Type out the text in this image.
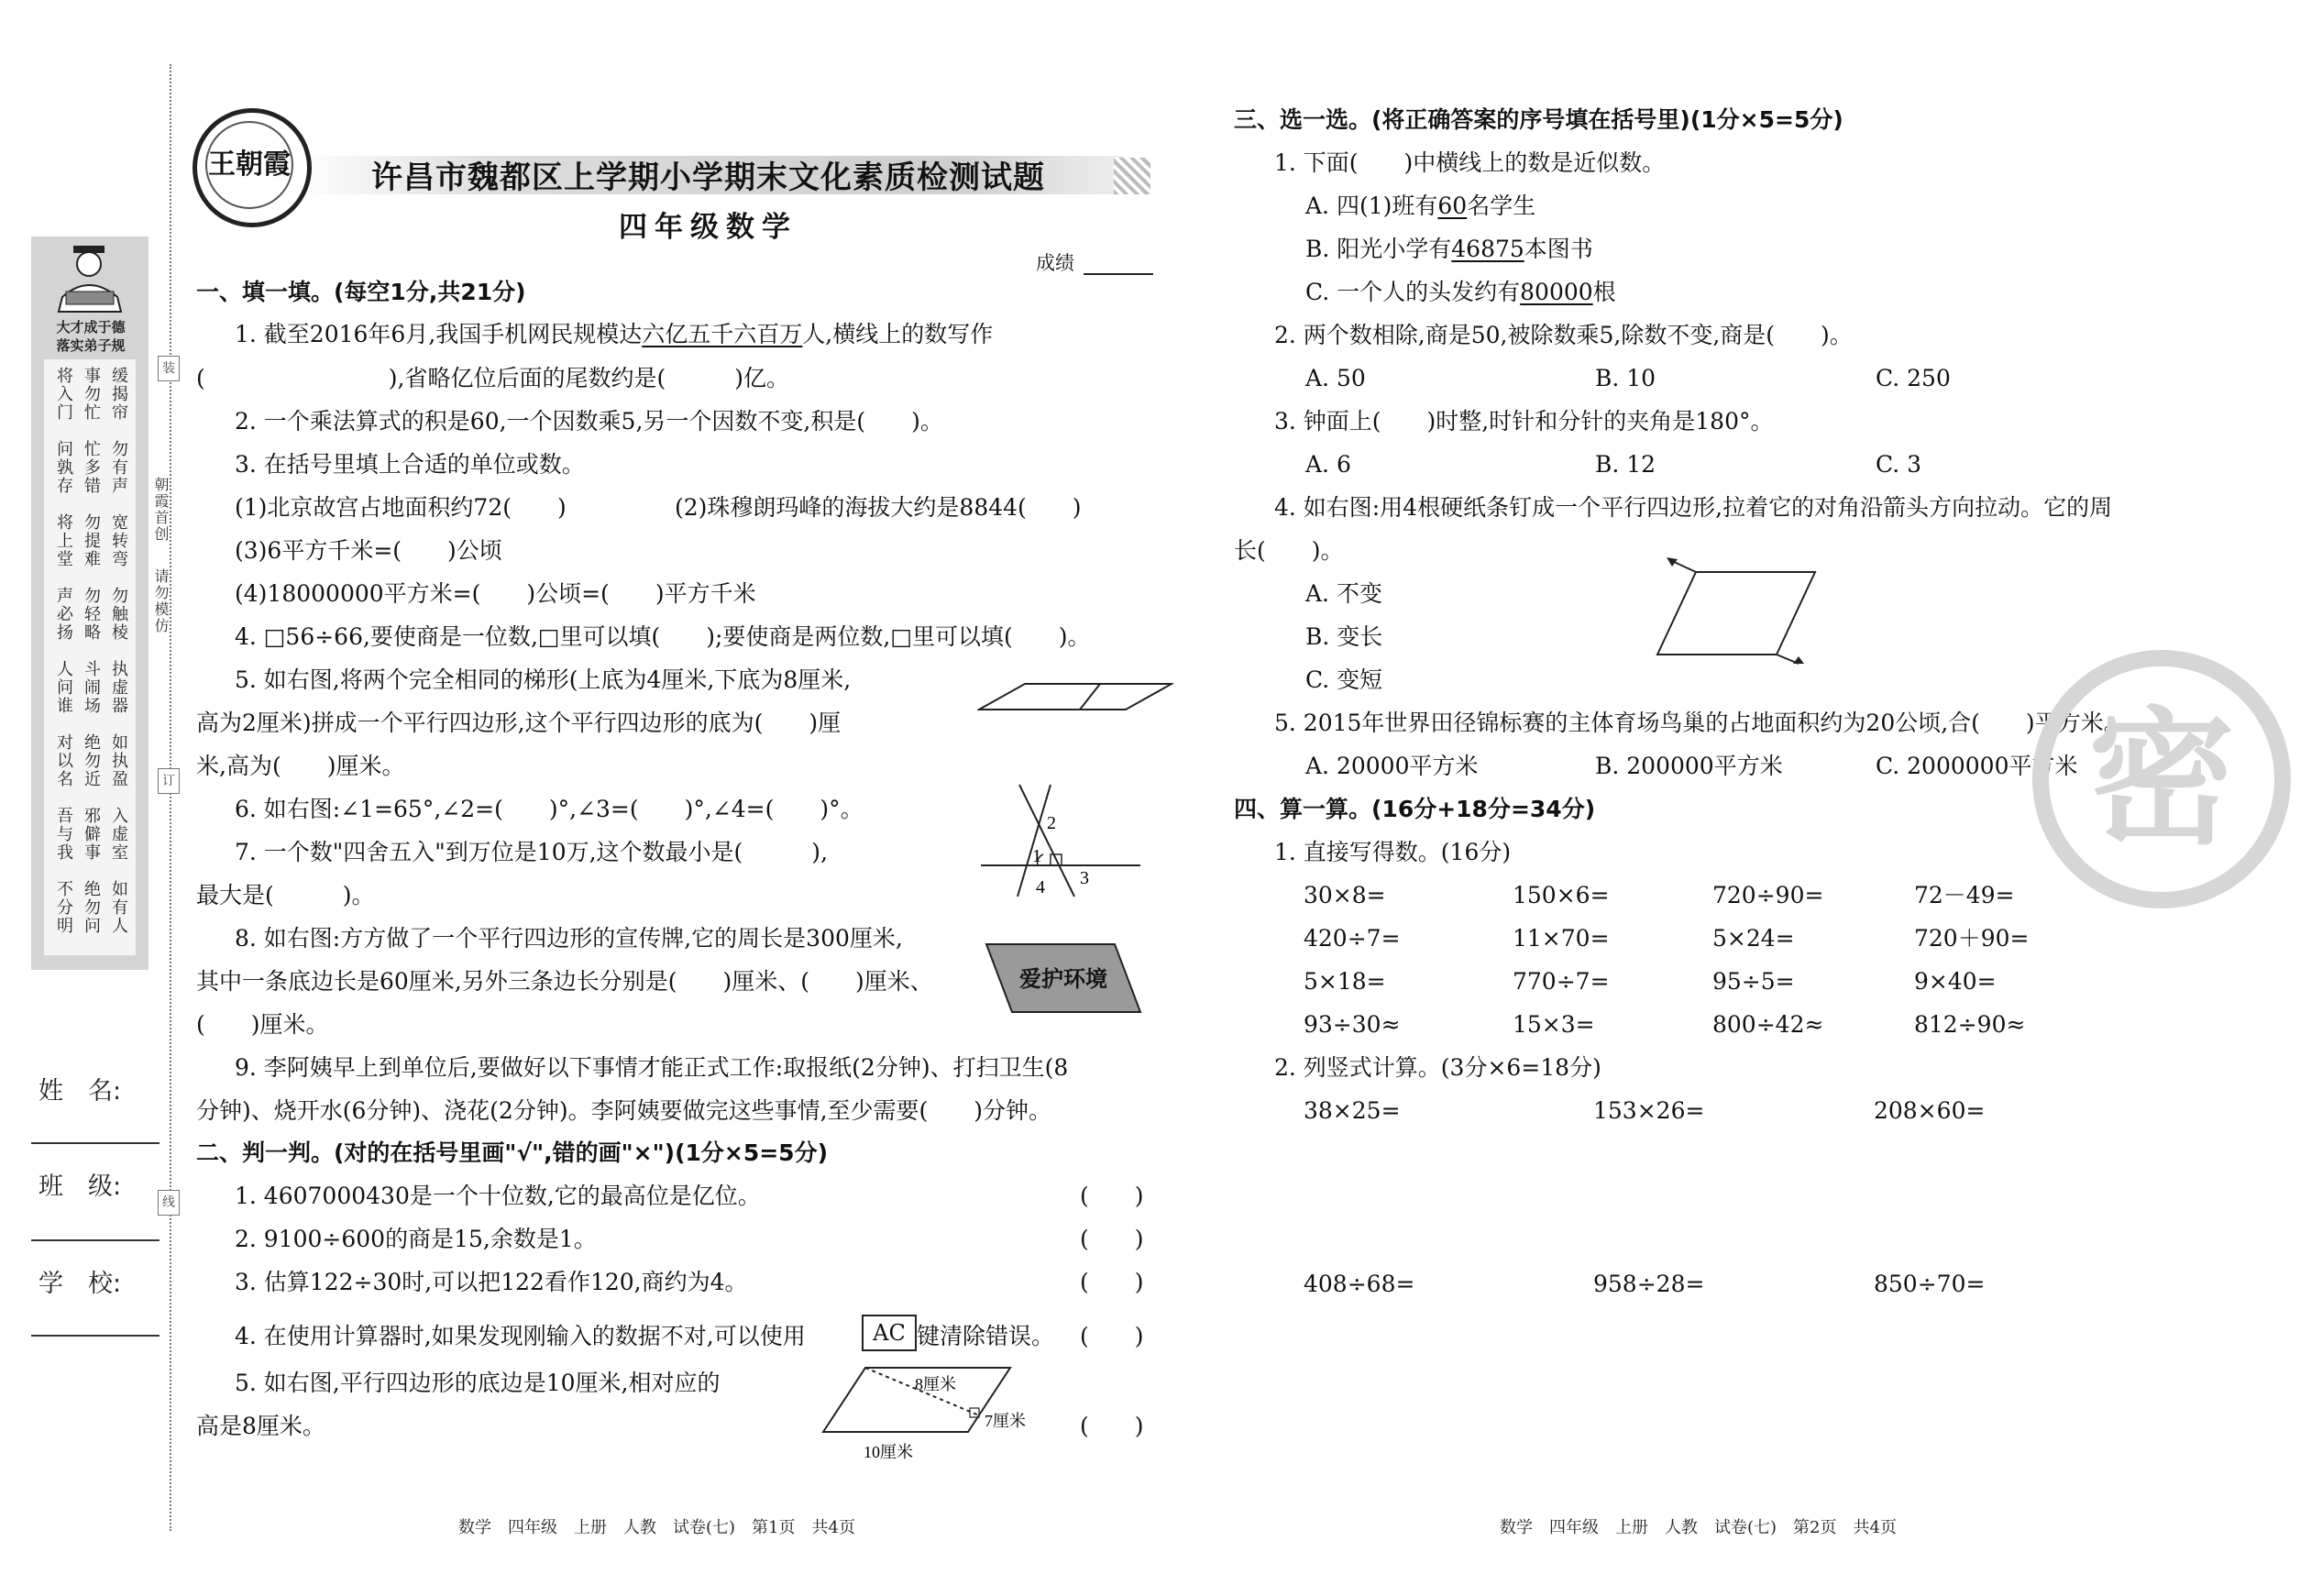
大才成于德
落实弟子规
将入门 事勿忙 缓揭帘
问孰存 忙多错 勿有声
将上堂 勿提难 宽转弯
声必扬 勿轻略 勿触棱
人问谁 斗闹场 执虚器
对以名 绝勿近 如执盈
吾与我 邪僻事 入虚室
不分明 绝勿问 如有人
姓　名:
班　级:
学　校:
装
订
线
朝霞首创
请勿模仿
王朝霞	许昌市魏都区上学期小学期末文化素质检测试题
四年级数学
成绩
一、填一填。(每空1分,共21分)
1. 截至2016年6月,我国手机网民规模达六亿五千六百万人,横线上的数写作
(　　　　　　　　),省略亿位后面的尾数约是(　　　)亿。
2. 一个乘法算式的积是60,一个因数乘5,另一个因数不变,积是(　　)。
3. 在括号里填上合适的单位或数。
(1)北京故宫占地面积约72(　　)	(2)珠穆朗玛峰的海拔大约是8844(　　)
(3)6平方千米=(　　)公顷
(4)18000000平方米=(　　)公顷=(　　)平方千米
4. □56÷66,要使商是一位数,□里可以填(　　);要使商是两位数,□里可以填(　　)。
5. 如右图,将两个完全相同的梯形(上底为4厘米,下底为8厘米,
高为2厘米)拼成一个平行四边形,这个平行四边形的底为(　　)厘
米,高为(　　)厘米。
6. 如右图:∠1=65°,∠2=(　　)°,∠3=(　　)°,∠4=(　　)°。
7. 一个数"四舍五入"到万位是10万,这个数最小是(　　　),
最大是(　　　)。
2
1
4 3
8. 如右图:方方做了一个平行四边形的宣传牌,它的周长是300厘米,
其中一条底边长是60厘米,另外三条边长分别是(　　)厘米、(　　)厘米、
(　　)厘米。
爱护环境
9. 李阿姨早上到单位后,要做好以下事情才能正式工作:取报纸(2分钟)、打扫卫生(8
分钟)、烧开水(6分钟)、浇花(2分钟)。李阿姨要做完这些事情,至少需要(　　)分钟。
二、判一判。(对的在括号里画"√",错的画"×")(1分×5=5分)
1. 4607000430是一个十位数,它的最高位是亿位。	(　　)
2. 9100÷600的商是15,余数是1。	(　　)
3. 估算122÷30时,可以把122看作120,商约为4。	(　　)
4. 在使用计算器时,如果发现刚输入的数据不对,可以使用	AC 键清除错误。 (　　)
5. 如右图,平行四边形的底边是10厘米,相对应的
高是8厘米。	(　　)
8厘米
7厘米
10厘米
数学　四年级　上册　人教　试卷(七)　第1页　共4页
三、选一选。(将正确答案的序号填在括号里)(1分×5=5分)
1. 下面(　　)中横线上的数是近似数。
A. 四(1)班有60名学生
B. 阳光小学有46875本图书
C. 一个人的头发约有80000根
2. 两个数相除,商是50,被除数乘5,除数不变,商是(　　)。
A. 50	B. 10	C. 250
3. 钟面上(　　)时整,时针和分针的夹角是180°。
A. 6	B. 12	C. 3
4. 如右图:用4根硬纸条钉成一个平行四边形,拉着它的对角沿箭头方向拉动。它的周
长(　　)。
A. 不变
B. 变长
C. 变短
5. 2015年世界田径锦标赛的主体育场鸟巢的占地面积约为20公顷,合(　　)平方米。
A. 20000平方米	B. 200000平方米	C. 2000000平方米
四、算一算。(16分+18分=34分)
1. 直接写得数。(16分)
30×8=	150×6=	720÷90=	72－49=
420÷7=	11×70=	5×24=	720＋90=
5×18=	770÷7=	95÷5=	9×40=
93÷30≈	15×3=	800÷42≈	812÷90≈
2. 列竖式计算。(3分×6=18分)
38×25=	153×26=	208×60=
408÷68=	958÷28=	850÷70=
密
数学　四年级　上册　人教　试卷(七)　第2页　共4页
